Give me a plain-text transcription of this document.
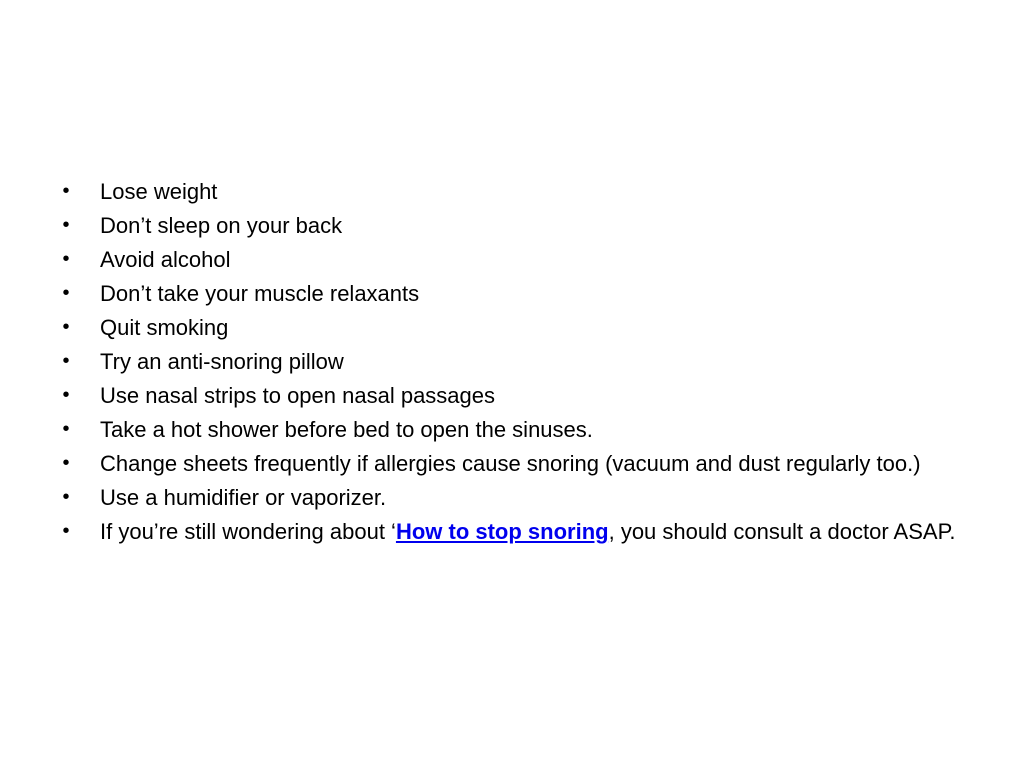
• Lose weight
• Don’t sleep on your back
• Avoid alcohol
• Don’t take your muscle relaxants
• Quit smoking
• Try an anti-snoring pillow
• Use nasal strips to open nasal passages
• Take a hot shower before bed to open the sinuses.
• Change sheets frequently if allergies cause snoring (vacuum and dust regularly too.)
• Use a humidifier or vaporizer.
• If you’re still wondering about ‘How to stop snoring, you should consult a doctor ASAP.
